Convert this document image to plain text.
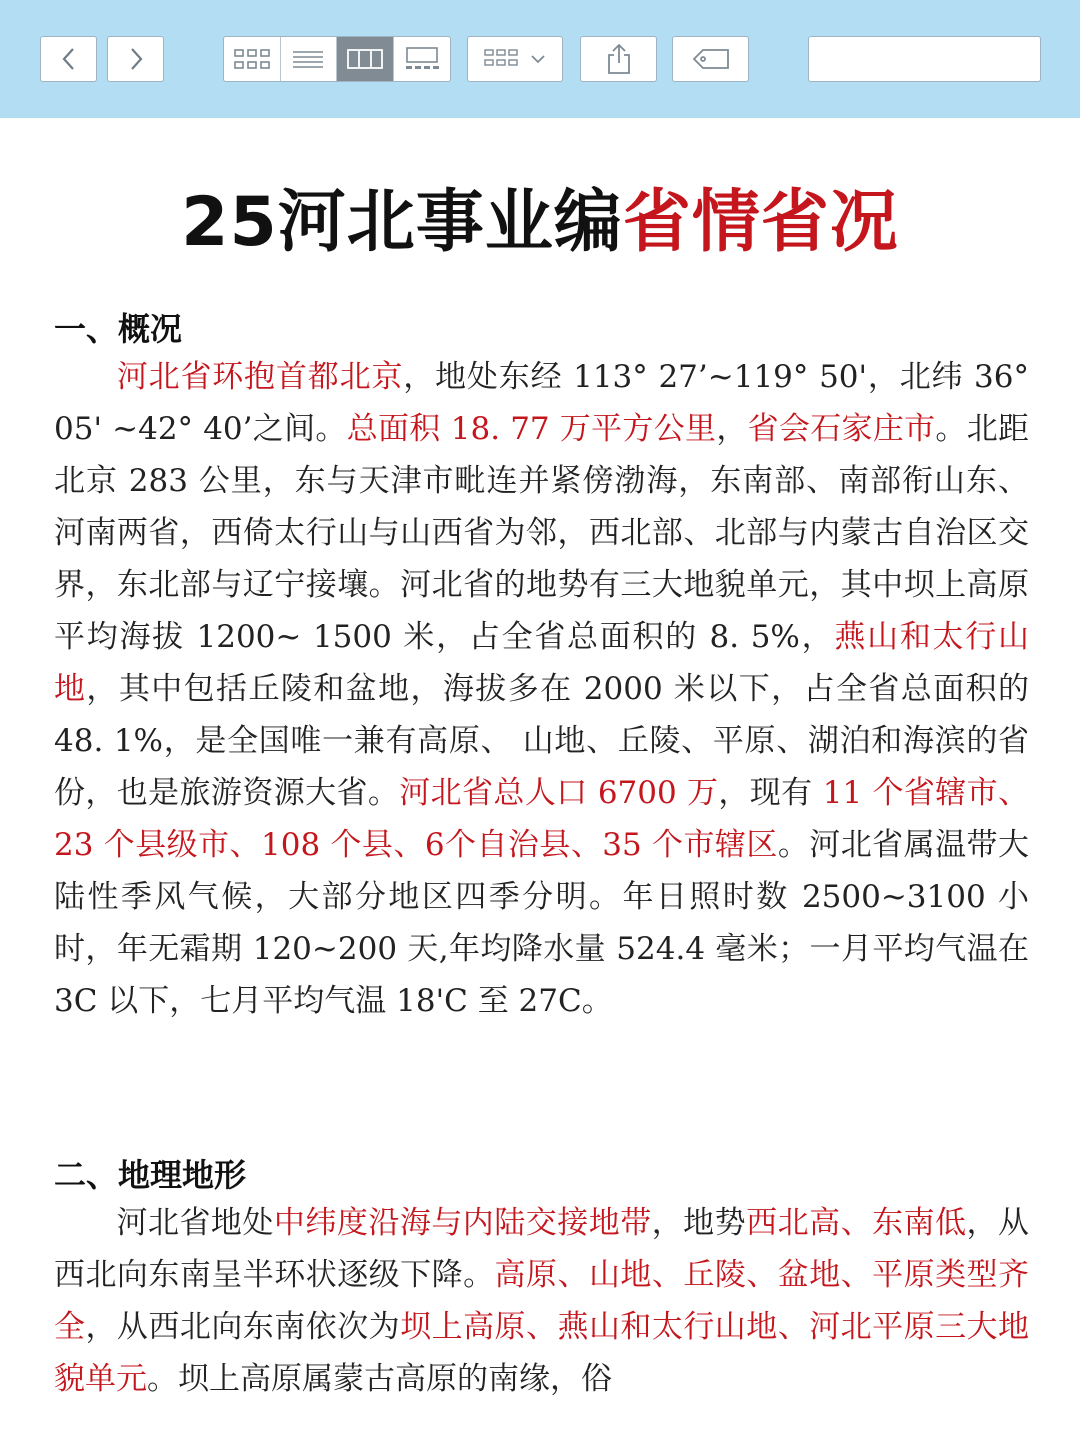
25河北事业编省情省况
一、概况
河北省环抱首都北京，地处东经 113° 27’~119° 50'，北纬 36° 05' ~42° 40’之间。总面积 18. 77 万平方公里，省会石家庄市。北距北京 283 公里，东与天津市毗连并紧傍渤海，东南部、南部衔山东、河南两省，西倚太行山与山西省为邻，西北部、北部与内蒙古自治区交界，东北部与辽宁接壤。河北省的地势有三大地貌单元，其中坝上高原平均海拔 1200~ 1500 米，占全省总面积的 8. 5%，燕山和太行山地，其中包括丘陵和盆地，海拔多在 2000 米以下，占全省总面积的 48. 1%，是全国唯一兼有高原、 山地、丘陵、平原、湖泊和海滨的省份，也是旅游资源大省。河北省总人口 6700 万，现有 11 个省辖市、23 个县级市、108 个县、6个自治县、35 个市辖区。河北省属温带大陆性季风气候，大部分地区四季分明。年日照时数 2500~3100 小时，年无霜期 120~200 天,年均降水量 524.4 毫米；一月平均气温在 3C 以下，七月平均气温 18'C 至 27C。
二、地理地形
河北省地处中纬度沿海与内陆交接地带，地势西北高、东南低，从西北向东南呈半环状逐级下降。高原、山地、丘陵、盆地、平原类型齐全，从西北向东南依次为坝上高原、燕山和太行山地、河北平原三大地貌单元。坝上高原属蒙古高原的南缘，俗
